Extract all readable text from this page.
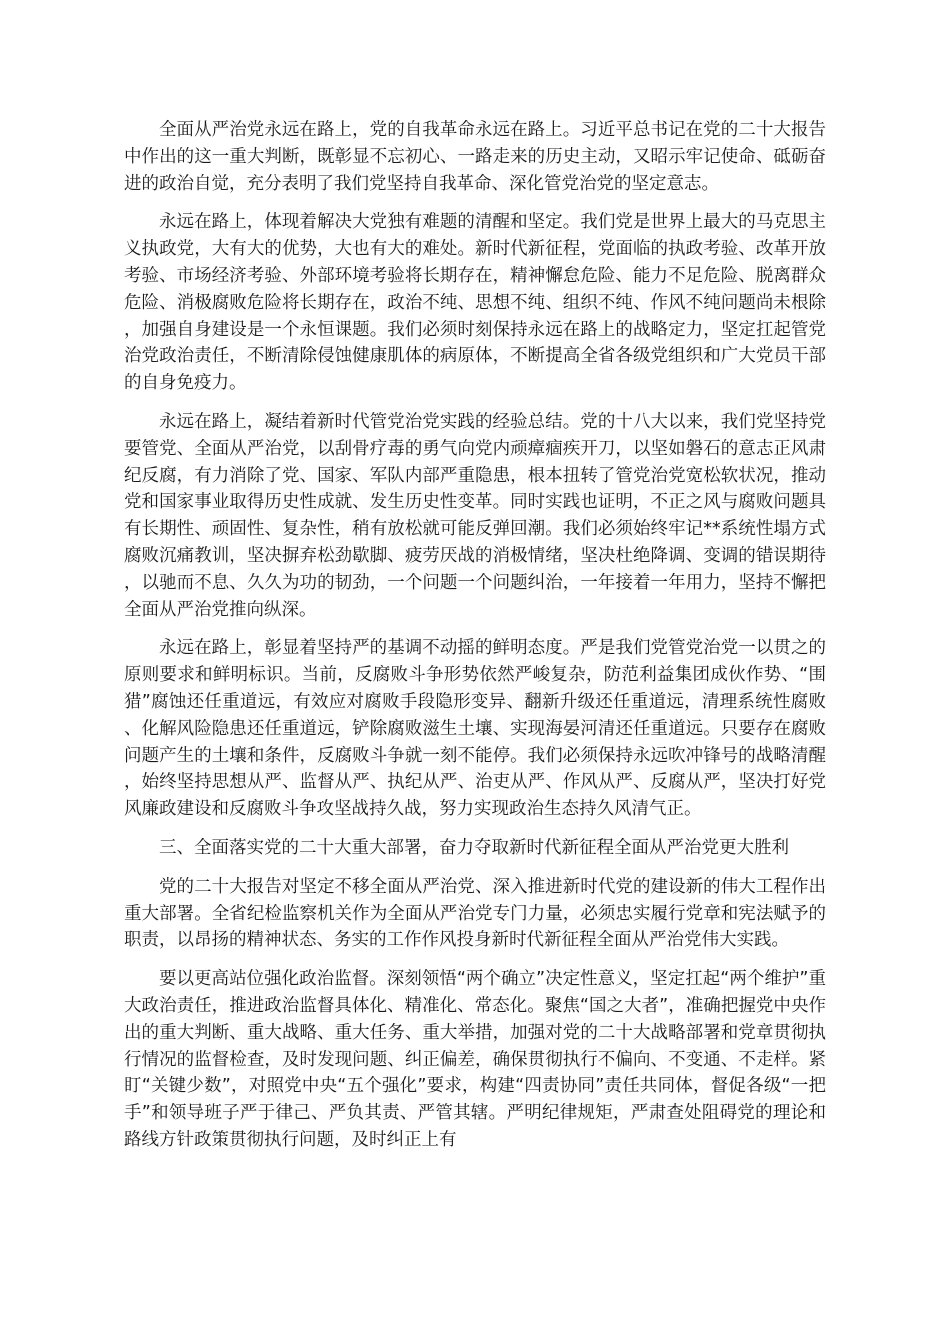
全面从严治党永远在路上，党的自我革命永远在路上。习近平总书记在党的二十大报告中作出的这一重大判断，既彰显不忘初心、一路走来的历史主动，又昭示牢记使命、砥砺奋进的政治自觉，充分表明了我们党坚持自我革命、深化管党治党的坚定意志。

永远在路上，体现着解决大党独有难题的清醒和坚定。我们党是世界上最大的马克思主义执政党，大有大的优势，大也有大的难处。新时代新征程，党面临的执政考验、改革开放考验、市场经济考验、外部环境考验将长期存在，精神懈怠危险、能力不足危险、脱离群众危险、消极腐败危险将长期存在，政治不纯、思想不纯、组织不纯、作风不纯问题尚未根除，加强自身建设是一个永恒课题。我们必须时刻保持永远在路上的战略定力，坚定扛起管党治党政治责任，不断清除侵蚀健康肌体的病原体，不断提高全省各级党组织和广大党员干部的自身免疫力。

永远在路上，凝结着新时代管党治党实践的经验总结。党的十八大以来，我们党坚持党要管党、全面从严治党，以刮骨疗毒的勇气向党内顽瘴痼疾开刀，以坚如磐石的意志正风肃纪反腐，有力消除了党、国家、军队内部严重隐患，根本扭转了管党治党宽松软状况，推动党和国家事业取得历史性成就、发生历史性变革。同时实践也证明，不正之风与腐败问题具有长期性、顽固性、复杂性，稍有放松就可能反弹回潮。我们必须始终牢记**系统性塌方式腐败沉痛教训，坚决摒弃松劲歇脚、疲劳厌战的消极情绪，坚决杜绝降调、变调的错误期待，以驰而不息、久久为功的韧劲，一个问题一个问题纠治，一年接着一年用力，坚持不懈把全面从严治党推向纵深。

永远在路上，彰显着坚持严的基调不动摇的鲜明态度。严是我们党管党治党一以贯之的原则要求和鲜明标识。当前，反腐败斗争形势依然严峻复杂，防范利益集团成伙作势、“围猎”腐蚀还任重道远，有效应对腐败手段隐形变异、翻新升级还任重道远，清理系统性腐败、化解风险隐患还任重道远，铲除腐败滋生土壤、实现海晏河清还任重道远。只要存在腐败问题产生的土壤和条件，反腐败斗争就一刻不能停。我们必须保持永远吹冲锋号的战略清醒，始终坚持思想从严、监督从严、执纪从严、治吏从严、作风从严、反腐从严，坚决打好党风廉政建设和反腐败斗争攻坚战持久战，努力实现政治生态持久风清气正。

三、全面落实党的二十大重大部署，奋力夺取新时代新征程全面从严治党更大胜利

党的二十大报告对坚定不移全面从严治党、深入推进新时代党的建设新的伟大工程作出重大部署。全省纪检监察机关作为全面从严治党专门力量，必须忠实履行党章和宪法赋予的职责，以昂扬的精神状态、务实的工作作风投身新时代新征程全面从严治党伟大实践。

要以更高站位强化政治监督。深刻领悟“两个确立”决定性意义，坚定扛起“两个维护”重大政治责任，推进政治监督具体化、精准化、常态化。聚焦“国之大者”，准确把握党中央作出的重大判断、重大战略、重大任务、重大举措，加强对党的二十大战略部署和党章贯彻执行情况的监督检查，及时发现问题、纠正偏差，确保贯彻执行不偏向、不变通、不走样。紧盯“关键少数”，对照党中央“五个强化”要求，构建“四责协同”责任共同体，督促各级“一把手”和领导班子严于律己、严负其责、严管其辖。严明纪律规矩，严肃查处阻碍党的理论和路线方针政策贯彻执行问题，及时纠正上有
